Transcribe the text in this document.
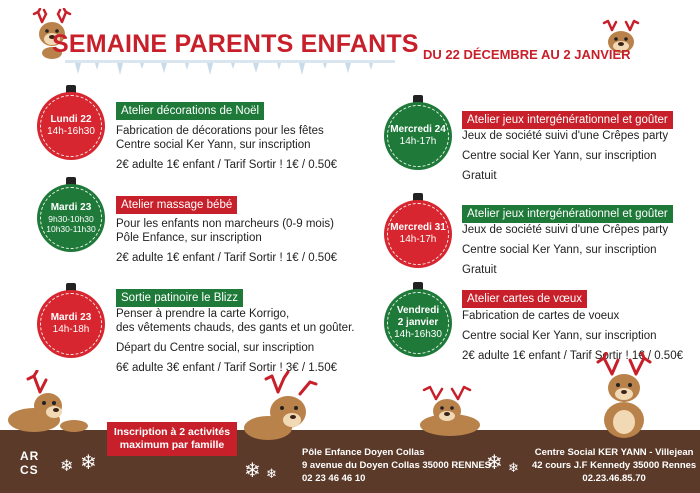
SEMAINE PARENTS ENFANTS DU 22 DÉCEMBRE AU 2 JANVIER
Lundi 22
14h-16h30
Atelier décorations de Noël
Fabrication de décorations pour les fêtes
Centre social Ker Yann, sur inscription
2€ adulte 1€ enfant / Tarif Sortir ! 1€ / 0.50€
Mardi 23
9h30-10h30
10h30-11h30
Atelier massage bébé
Pour les enfants non marcheurs (0-9 mois)
Pôle Enfance, sur inscription
2€ adulte 1€ enfant / Tarif Sortir ! 1€ / 0.50€
Mardi 23
14h-18h
Sortie patinoire le Blizz
Penser à prendre la carte Korrigo,
des vêtements chauds, des gants et un goûter.
Départ du Centre social, sur inscription
6€ adulte 3€ enfant / Tarif Sortir ! 3€ / 1.50€
Mercredi 24
14h-17h
Atelier jeux intergénérationnel et goûter
Jeux de société suivi d'une Crêpes party
Centre social Ker Yann, sur inscription
Gratuit
Mercredi 31
14h-17h
Atelier jeux intergénérationnel et goûter
Jeux de société suivi d'une Crêpes party
Centre social Ker Yann, sur inscription
Gratuit
Vendredi
2 janvier
14h-16h30
Atelier cartes de vœux
Fabrication de cartes de voeux
Centre social Ker Yann, sur inscription
2€ adulte 1€ enfant / Tarif Sortir ! 1€ / 0.50€
AR
CS ❄ ❄
Inscription à 2 activités maximum par famille
❄ ❄
Pôle Enfance Doyen Collas
9 avenue du Doyen Collas 35000 RENNES
02 23 46 46 10
❄ ❄
Centre Social KER YANN - Villejean
42 cours J.F Kennedy 35000 Rennes
02.23.46.85.70
